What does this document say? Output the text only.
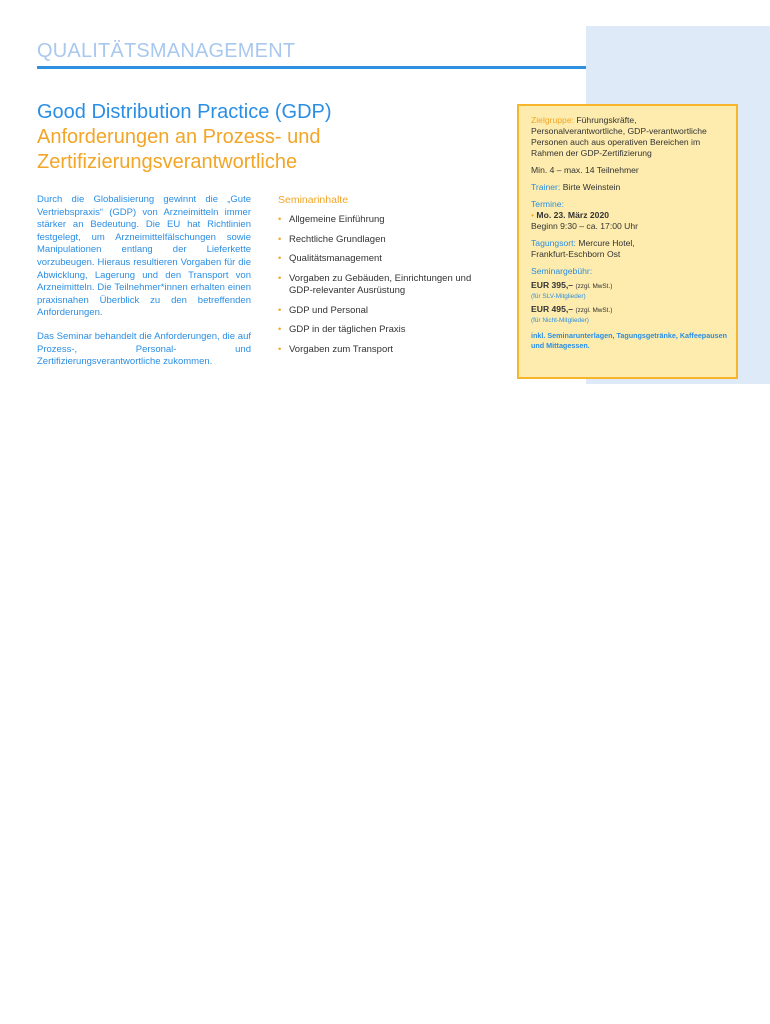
QUALITÄTSMANAGEMENT
Good Distribution Practice (GDP)
Anforderungen an Prozess- und
Zertifizierungsverantwortliche

Durch die Globalisierung gewinnt die „Gute Vertriebspraxis“ (GDP) von Arzneimitteln immer stärker an Bedeutung. Die EU hat Richtlinien festgelegt, um Arzneimittelfälschungen sowie Manipulationen entlang der Lieferkette vorzubeugen. Hieraus resultieren Vorgaben für die Abwicklung, Lagerung und den Transport von Arzneimitteln. Die Teilnehmer*innen erhalten einen praxisnahen Überblick zu den betreffenden Anforderungen.

Das Seminar behandelt die Anforderungen, die auf Prozess-, Personal- und Zertifizierungsverantwortliche zukommen.

Seminarinhalte
• Allgemeine Einführung
• Rechtliche Grundlagen
• Qualitätsmanagement
• Vorgaben zu Gebäuden, Einrichtungen und GDP-relevanter Ausrüstung
• GDP und Personal
• GDP in der täglichen Praxis
• Vorgaben zum Transport
Zielgruppe: Führungskräfte, Personalverantwortliche, GDP-verantwortliche Personen auch aus operativen Bereichen im Rahmen der GDP-Zertifizierung
Min. 4 – max. 14 Teilnehmer
Trainer: Birte Weinstein
Termine:
• Mo. 23. März 2020
Beginn 9:30 – ca. 17:00 Uhr
Tagungsort: Mercure Hotel,
Frankfurt-Eschborn Ost
Seminargebühr:
EUR 395,– (zzgl. MwSt.)
(für SLV-Mitglieder)
EUR 495,– (zzgl. MwSt.)
(für Nicht-Mitglieder)
inkl. Seminarunterlagen, Tagungsgetränke, Kaffeepausen und Mittagessen.
